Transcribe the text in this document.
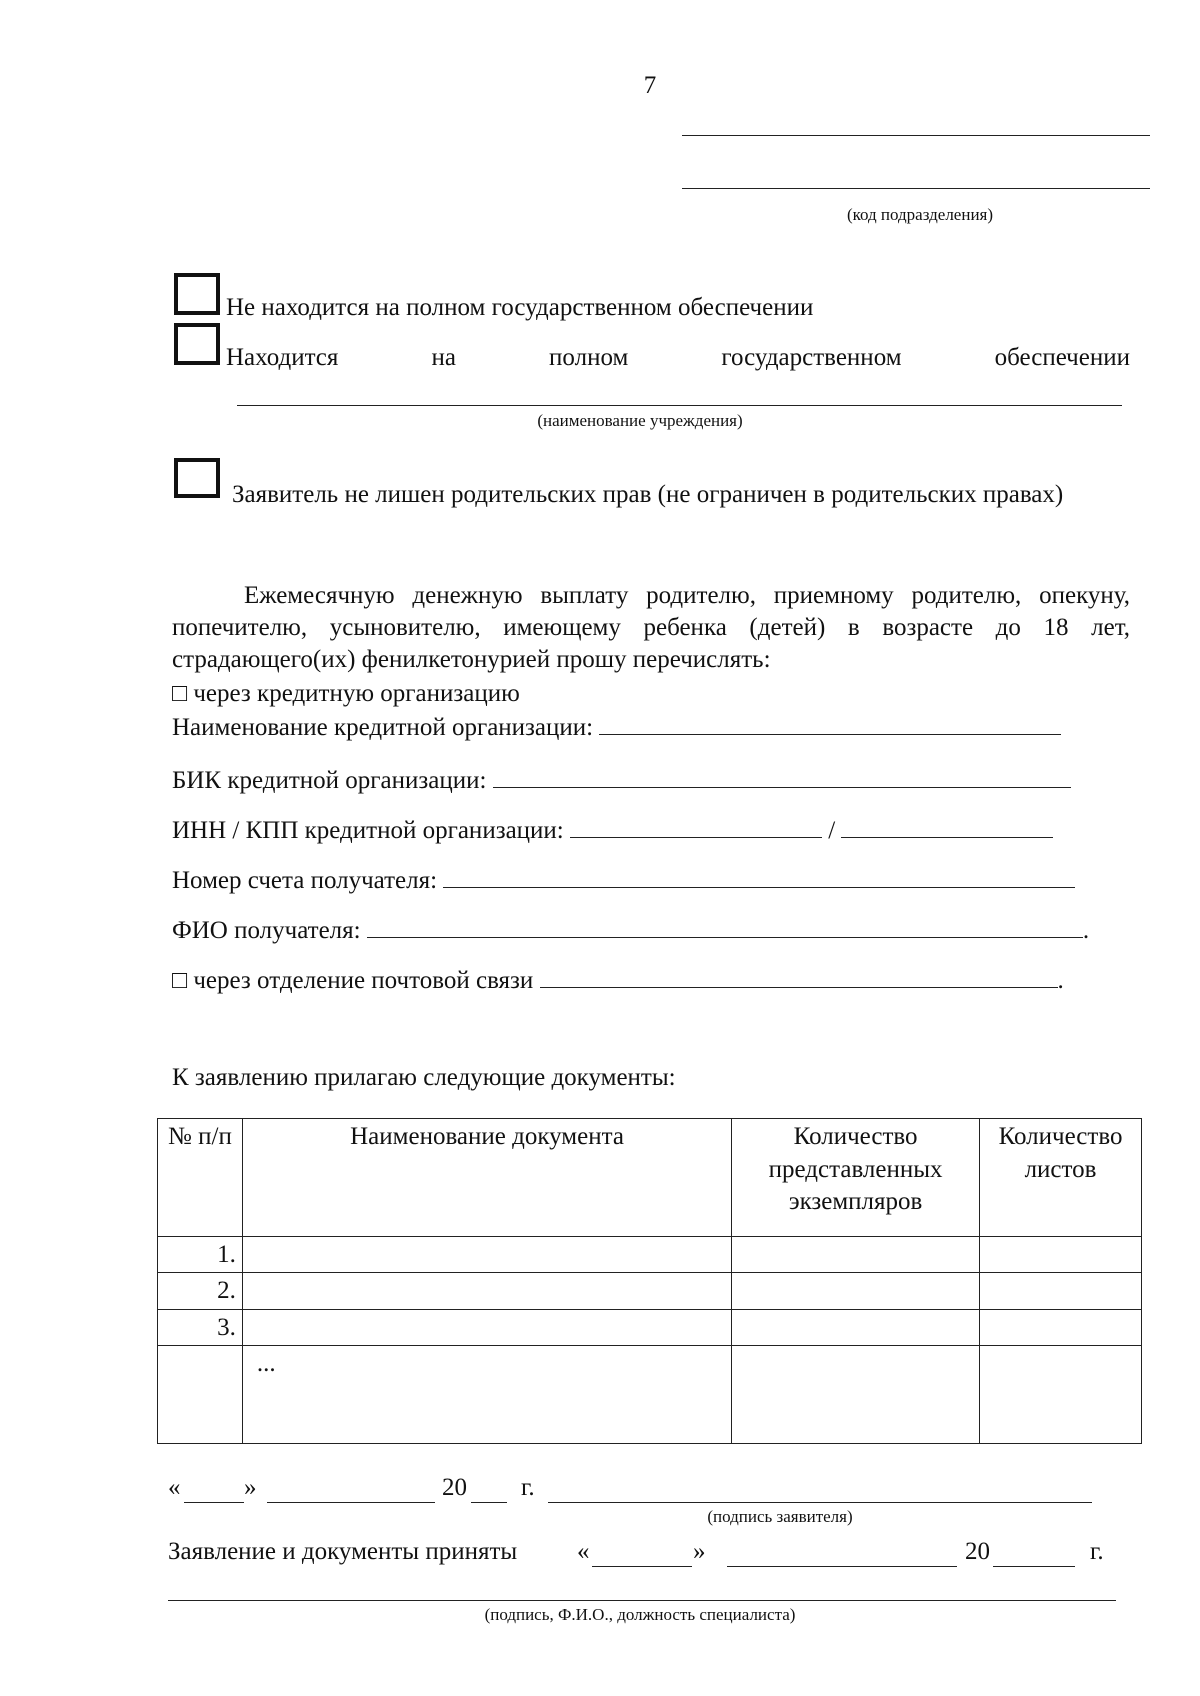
7
(код подразделения)
Не находится на полном государственном обеспечении
Находится на полном государственном обеспечении
(наименование учреждения)
Заявитель не лишен родительских прав (не ограничен в родительских правах)
Ежемесячную денежную выплату родителю, приемному родителю, опекуну, попечителю, усыновителю, имеющему ребенка (детей) в возрасте до 18 лет, страдающего(их) фенилкетонурией прошу перечислять:
□ через кредитную организацию
Наименование кредитной организации:
БИК кредитной организации:
ИНН / КПП кредитной организации:	/
Номер счета получателя:
ФИО получателя:	.
□ через отделение почтовой связи	.
К заявлению прилагаю следующие документы:
№ п/п	Наименование документа	Количество представленных экземпляров	Количество листов
1.			
2.			
3.			
	...		
«	»	20 г.
(подпись заявителя)
Заявление и документы приняты «	»	20	г.
(подпись, Ф.И.О., должность специалиста)
